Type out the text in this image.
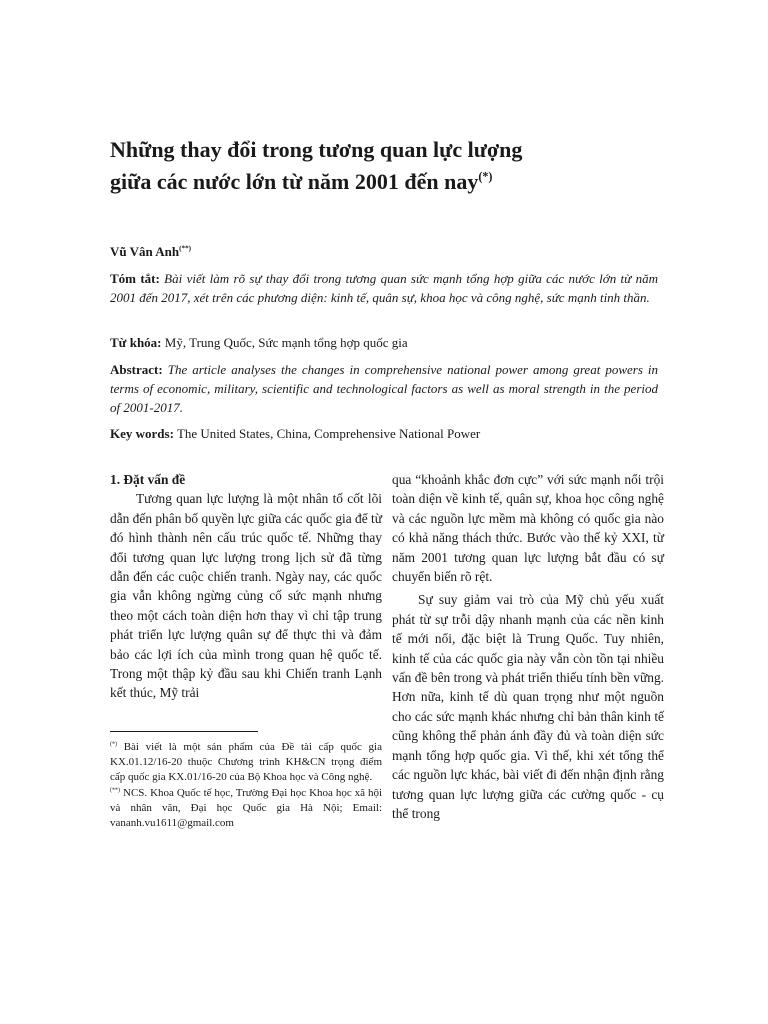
Những thay đổi trong tương quan lực lượng
giữa các nước lớn từ năm 2001 đến nay(*)

Vũ Vân Anh(**)

Tóm tắt: Bài viết làm rõ sự thay đổi trong tương quan sức mạnh tổng hợp giữa các nước lớn từ năm 2001 đến 2017, xét trên các phương diện: kinh tế, quân sự, khoa học và công nghệ, sức mạnh tinh thần.

Từ khóa: Mỹ, Trung Quốc, Sức mạnh tổng hợp quốc gia

Abstract: The article analyses the changes in comprehensive national power among great powers in terms of economic, military, scientific and technological factors as well as moral strength in the period of 2001-2017.

Key words: The United States, China, Comprehensive National Power

1. Đặt vấn đề

Tương quan lực lượng là một nhân tố cốt lõi dẫn đến phân bố quyền lực giữa các quốc gia để từ đó hình thành nên cấu trúc quốc tế. Những thay đổi tương quan lực lượng trong lịch sử đã từng dẫn đến các cuộc chiến tranh. Ngày nay, các quốc gia vẫn không ngừng củng cố sức mạnh nhưng theo một cách toàn diện hơn thay vì chỉ tập trung phát triển lực lượng quân sự để thực thi và đảm bảo các lợi ích của mình trong quan hệ quốc tế. Trong một thập kỷ đầu sau khi Chiến tranh Lạnh kết thúc, Mỹ trải

(*) Bài viết là một sản phẩm của Đề tài cấp quốc gia KX.01.12/16-20 thuộc Chương trình KH&CN trọng điểm cấp quốc gia KX.01/16-20 của Bộ Khoa học và Công nghệ.

(**) NCS. Khoa Quốc tế học, Trường Đại học Khoa học xã hội và nhân văn, Đại học Quốc gia Hà Nội; Email: vananh.vu1611@gmail.com

qua “khoảnh khắc đơn cực” với sức mạnh nổi trội toàn diện về kinh tế, quân sự, khoa học công nghệ và các nguồn lực mềm mà không có quốc gia nào có khả năng thách thức. Bước vào thế kỷ XXI, từ năm 2001 tương quan lực lượng bắt đầu có sự chuyển biến rõ rệt.

Sự suy giảm vai trò của Mỹ chủ yếu xuất phát từ sự trỗi dậy nhanh mạnh của các nền kinh tế mới nổi, đặc biệt là Trung Quốc. Tuy nhiên, kinh tế của các quốc gia này vẫn còn tồn tại nhiều vấn đề bên trong và phát triển thiếu tính bền vững. Hơn nữa, kinh tế dù quan trọng như một nguồn cho các sức mạnh khác nhưng chỉ bản thân kinh tế cũng không thể phản ánh đầy đủ và toàn diện sức mạnh tổng hợp quốc gia. Vì thế, khi xét tổng thể các nguồn lực khác, bài viết đi đến nhận định rằng tương quan lực lượng giữa các cường quốc - cụ thể trong
